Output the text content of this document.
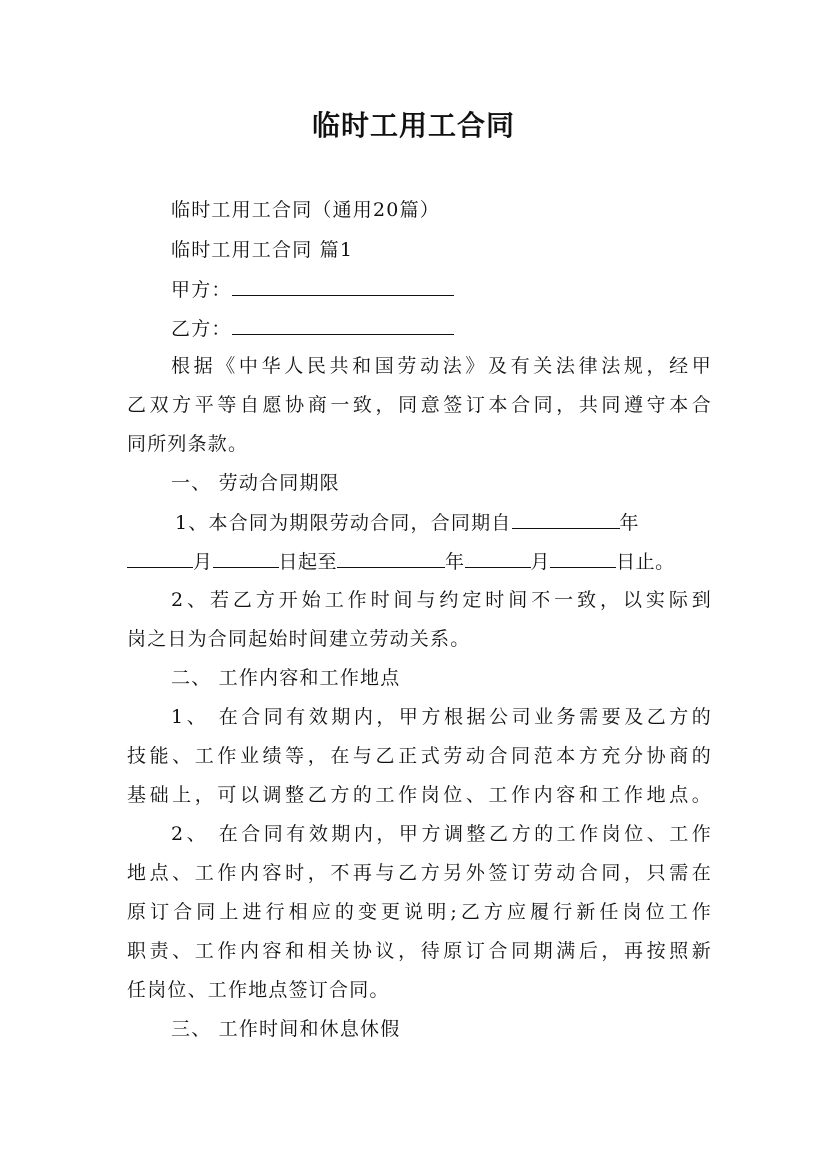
临时工用工合同
临时工用工合同（通用20篇）
临时工用工合同 篇1
甲方：
乙方：
根据《中华人民共和国劳动法》及有关法律法规，经甲
乙双方平等自愿协商一致，同意签订本合同，共同遵守本合
同所列条款。
一、 劳动合同期限
1、本合同为期限劳动合同，合同期自	年
月	日起至	年	月	日止。
2、若乙方开始工作时间与约定时间不一致，以实际到
岗之日为合同起始时间建立劳动关系。
二、 工作内容和工作地点
1、 在合同有效期内，甲方根据公司业务需要及乙方的
技能、工作业绩等，在与乙正式劳动合同范本方充分协商的
基础上，可以调整乙方的工作岗位、工作内容和工作地点。
2、 在合同有效期内，甲方调整乙方的工作岗位、工作
地点、工作内容时，不再与乙方另外签订劳动合同，只需在
原订合同上进行相应的变更说明;乙方应履行新任岗位工作
职责、工作内容和相关协议，待原订合同期满后，再按照新
任岗位、工作地点签订合同。
三、 工作时间和休息休假
